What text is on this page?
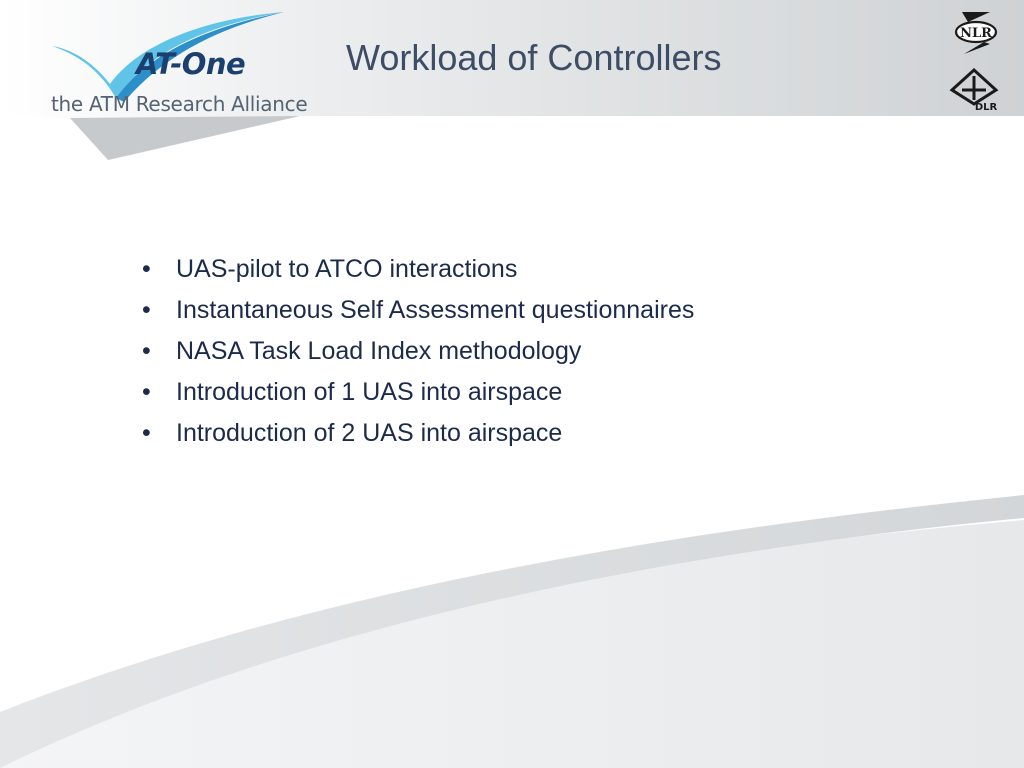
AT-One
the ATM Research Alliance
Workload of Controllers
NLR
DLR
• UAS-pilot to ATCO interactions
• Instantaneous Self Assessment questionnaires
• NASA Task Load Index methodology
• Introduction of 1 UAS into airspace
• Introduction of 2 UAS into airspace
